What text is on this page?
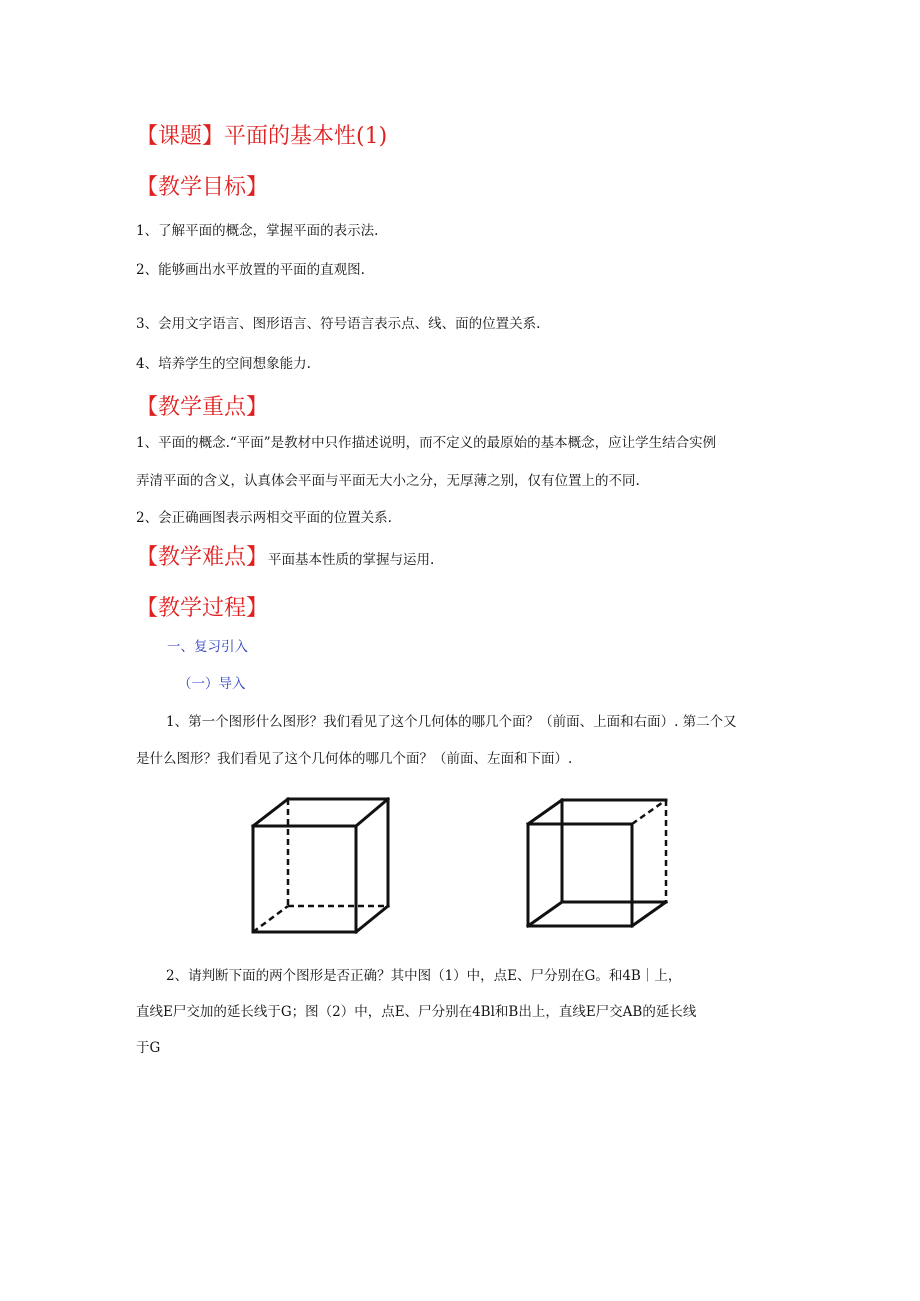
【课题】平面的基本性(1)
【教学目标】
1、了解平面的概念，掌握平面的表示法.
2、能够画出水平放置的平面的直观图.
3、会用文字语言、图形语言、符号语言表示点、线、面的位置关系.
4、培养学生的空间想象能力.
【教学重点】
1、平面的概念.“平面”是教材中只作描述说明，而不定义的最原始的基本概念，应让学生结合实例
弄清平面的含义，认真体会平面与平面无大小之分，无厚薄之别，仅有位置上的不同.
2、会正确画图表示两相交平面的位置关系.
【教学难点】平面基本性质的掌握与运用.
【教学过程】
一、复习引入
（一）导入
1、第一个图形什么图形？我们看见了这个几何体的哪几个面？（前面、上面和右面）. 第二个又
是什么图形？我们看见了这个几何体的哪几个面？（前面、左面和下面）.
2、请判断下面的两个图形是否正确？其中图（1）中，点E、尸分别在G。和4B｜上，
直线E尸交加的延长线于G；图（2）中，点E、尸分别在4Bl和B出上，直线E尸交AB的延长线
于G
